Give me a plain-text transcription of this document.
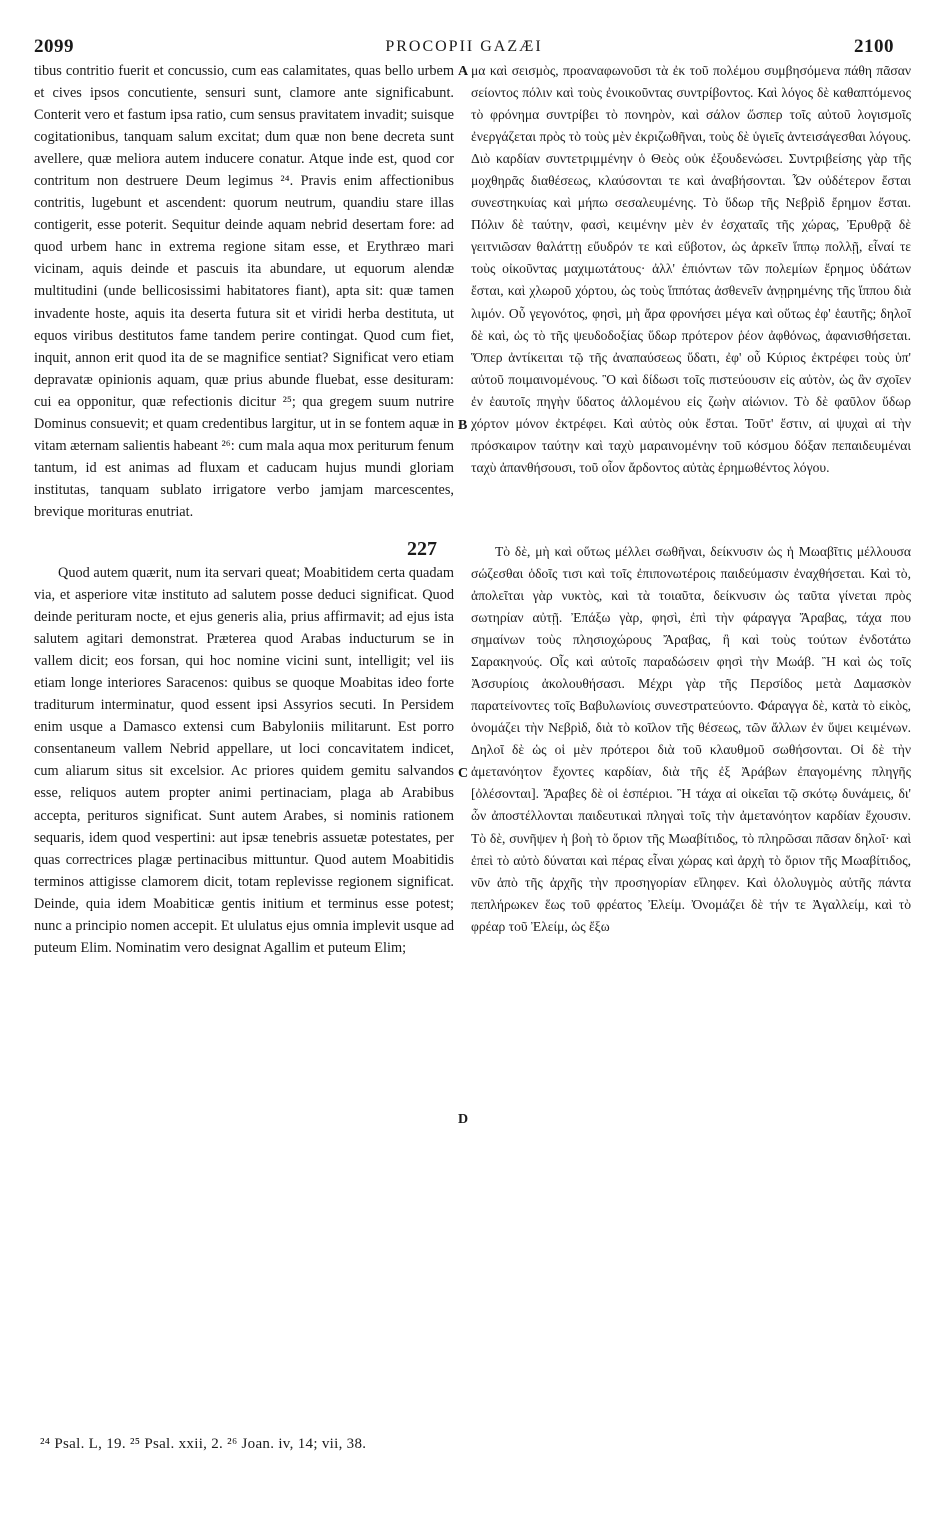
2099	PROCOPII GAZÆI	2100

tibus contritio fuerit et concussio, cum eas calamitates, quas bello urbem et cives ipsos concutiente, sensuri sunt, clamore ante significabunt. Conterit vero et fastum ipsa ratio, cum sensus pravitatem invadit; suisque cogitationibus, tanquam salum excitat; dum quæ non bene decreta sunt avellere, quæ meliora autem inducere conatur. Atque inde est, quod cor contritum non destruere Deum legimus ²⁴. Pravis enim affectionibus contritis, lugebunt et ascendent: quorum neutrum, quandiu stare illas contigerit, esse poterit. Sequitur deinde aquam nebrid desertam fore: ad quod urbem hanc in extrema regione sitam esse, et Erythræo mari vicinam, aquis deinde et pascuis ita abundare, ut equorum alendæ multitudini (unde bellicosissimi habitatores fiant), apta sit: quæ tamen invadente hoste, aquis ita deserta futura sit et viridi herba destituta, ut equos viribus destitutos fame tandem perire contingat. Quod cum fiet, inquit, annon erit quod ita de se magnifice sentiat? Significat vero etiam depravatæ opinionis aquam, quæ prius abunde fluebat, esse desituram: cui ea opponitur, quæ refectionis dicitur ²⁵; qua gregem suum nutrire Dominus consuevit; et quam credentibus largitur, ut in se fontem aquæ in vitam æternam salientis habeant ²⁶: cum mala aqua mox periturum fenum tantum, id est animas ad fluxam et caducam hujus mundi gloriam institutas, tanquam sublato irrigatore verbo jamjam marcescentes, brevique morituras enutriat.

Quod autem quærit, num ita servari queat; Moabitidem certa quadam via, et asperiore vitæ instituto ad salutem posse deduci significat. Quod deinde perituram nocte, et ejus generis alia, prius affirmavit; ad ejus ista salutem agitari demonstrat. Præterea quod Arabas inducturum se in vallem dicit; eos forsan, qui hoc nomine vicini sunt, intelligit; vel iis etiam longe interiores Saracenos: quibus se quoque Moabitas ideo forte traditurum interminatur, quod essent ipsi Assyrios secuti. In Persidem enim usque a Damasco extensi cum Babyloniis militarunt. Est porro consentaneum vallem Nebrid appellare, ut loci concavitatem indicet, cum aliarum situs sit excelsior. Ac priores quidem gemitu salvandos esse, reliquos autem propter animi pertinaciam, plaga ab Arabibus accepta, perituros significat. Sunt autem Arabes, si nominis rationem sequaris, idem quod vespertini: aut ipsæ tenebris assuetæ potestates, per quas correctrices plagæ pertinacibus mittuntur. Quod autem Moabitidis terminos attigisse clamorem dicit, totam replevisse regionem significat. Deinde, quia idem Moabiticæ gentis initium et terminus esse potest; nunc a principio nomen accepit. Et ululatus ejus omnia implevit usque ad puteum Elim. Nominatim vero designat Agallim et puteum Elim;

μα καὶ σεισμὸς, προαναφωνοῦσι τὰ ἐκ τοῦ πολέμου συμβησόμενα πάθη πᾶσαν σείοντος πόλιν καὶ τοὺς ἐνοικοῦντας συντρίβοντος. Καὶ λόγος δὲ καθαπτόμενος τὸ φρόνημα συντρίβει τὸ πονηρὸν, καὶ σάλον ὥσπερ τοῖς αὐτοῦ λογισμοῖς ἐνεργάζεται πρὸς τὸ τοὺς μὲν ἐκριζωθῆναι, τοὺς δὲ ὑγιεῖς ἀντεισάγεσθαι λόγους. Διὸ καρδίαν συντετριμμένην ὁ Θεὸς οὐκ ἐξουδενώσει. Συντριβείσης γὰρ τῆς μοχθηρᾶς διαθέσεως, κλαύσονται τε καὶ ἀναβήσονται. Ὧν οὐδέτερον ἔσται συνεστηκυίας καὶ μήπω σεσαλευμένης. Τὸ ὕδωρ τῆς Νεβρὶδ ἔρημον ἔσται. Πόλιν δὲ ταύτην, φασὶ, κειμένην μὲν ἐν ἐσχαταῖς τῆς χώρας, Ἐρυθρᾷ δὲ γειτνιῶσαν θαλάττῃ εὔυδρόν τε καὶ εὔβοτον, ὡς ἀρκεῖν ἵππῳ πολλῇ, εἶναί τε τοὺς οἰκοῦντας μαχιμωτάτους· ἀλλ' ἐπιόντων τῶν πολεμίων ἔρημος ὑδάτων ἔσται, καὶ χλωροῦ χόρτου, ὡς τοὺς ἵππότας ἀσθενεῖν ἀνῃρημένης τῆς ἵππου διὰ λιμόν. Οὗ γεγονότος, φησὶ, μὴ ἄρα φρονήσει μέγα καὶ οὕτως ἐφ' ἑαυτῆς; δηλοῖ δὲ καὶ, ὡς τὸ τῆς ψευδοδοξίας ὕδωρ πρότερον ῥέον ἀφθόνως, ἀφανισθήσεται. Ὅπερ ἀντίκειται τῷ τῆς ἀναπαύσεως ὕδατι, ἐφ' οὗ Κύριος ἐκτρέφει τοὺς ὑπ' αὐτοῦ ποιμαινομένους. Ὃ καὶ δίδωσι τοῖς πιστεύουσιν εἰς αὐτὸν, ὡς ἂν σχοῖεν ἐν ἑαυτοῖς πηγὴν ὕδατος ἁλλομένου εἰς ζωὴν αἰώνιον. Τὸ δὲ φαῦλον ὕδωρ χόρτον μόνον ἐκτρέφει. Καὶ αὐτὸς οὐκ ἔσται. Τοῦτ' ἔστιν, αἱ ψυχαὶ αἱ τὴν πρόσκαιρον ταύτην καὶ ταχὺ μαραινομένην τοῦ κόσμου δόξαν πεπαιδευμέναι ταχὺ ἀπανθήσουσι, τοῦ οἶον ἄρδοντος αὐτὰς ἐρημωθέντος λόγου.

Τὸ δὲ, μὴ καὶ οὕτως μέλλει σωθῆναι, δείκνυσιν ὡς ἡ Μωαβῖτις μέλλουσα σώζεσθαι ὁδοῖς τισι καὶ τοῖς ἐπιπονωτέροις παιδεύμασιν ἐναχθήσεται. Καὶ τὸ, ἀπολεῖται γὰρ νυκτὸς, καὶ τὰ τοιαῦτα, δείκνυσιν ὡς ταῦτα γίνεται πρὸς σωτηρίαν αὐτῇ. Ἐπάξω γὰρ, φησὶ, ἐπὶ τὴν φάραγγα Ἄραβας, τάχα που σημαίνων τοὺς πλησιοχώρους Ἄραβας, ἢ καὶ τοὺς τούτων ἐνδοτάτω Σαρακηνούς. Οἷς καὶ αὐτοῖς παραδώσειν φησὶ τὴν Μωάβ. Ἢ καὶ ὡς τοῖς Ἀσσυρίοις ἀκολουθήσασι. Μέχρι γὰρ τῆς Περσίδος μετὰ Δαμασκὸν παρατείνοντες τοῖς Βαβυλωνίοις συνεστρατεύοντο. Φάραγγα δὲ, κατὰ τὸ εἰκὸς, ὀνομάζει τὴν Νεβρὶδ, διὰ τὸ κοῖλον τῆς θέσεως, τῶν ἄλλων ἐν ὕψει κειμένων. Δηλοῖ δὲ ὡς οἱ μὲν πρότεροι διὰ τοῦ κλαυθμοῦ σωθήσονται. Οἱ δὲ τὴν ἀμετανόητον ἔχοντες καρδίαν, διὰ τῆς ἐξ Ἀράβων ἐπαγομένης πληγῆς [ὀλέσονται]. Ἄραβες δὲ οἱ ἑσπέριοι. Ἢ τάχα αἱ οἰκεῖαι τῷ σκότῳ δυνάμεις, δι' ὧν ἀποστέλλονται παιδευτικαὶ πληγαὶ τοῖς τὴν ἀμετανόητον καρδίαν ἔχουσιν. Τὸ δὲ, συνῆψεν ἡ βοὴ τὸ ὅριον τῆς Μωαβίτιδος, τὸ πληρῶσαι πᾶσαν δηλοῖ· καὶ ἐπεὶ τὸ αὐτὸ δύναται καὶ πέρας εἶναι χώρας καὶ ἀρχὴ τὸ ὅριον τῆς Μωαβίτιδος, νῦν ἀπὸ τῆς ἀρχῆς τὴν προσηγορίαν εἴληφεν. Καὶ ὀλολυγμὸς αὐτῆς πάντα πεπλήρωκεν ἕως τοῦ φρέατος Ἐλείμ. Ὀνομάζει δὲ τήν τε Ἀγαλλείμ, καὶ τὸ φρέαρ τοῦ Ἐλείμ, ὡς ἔξω

A
B
C
D
227
²⁴ Psal. L, 19. ²⁵ Psal. xxii, 2. ²⁶ Joan. iv, 14; vii, 38.
